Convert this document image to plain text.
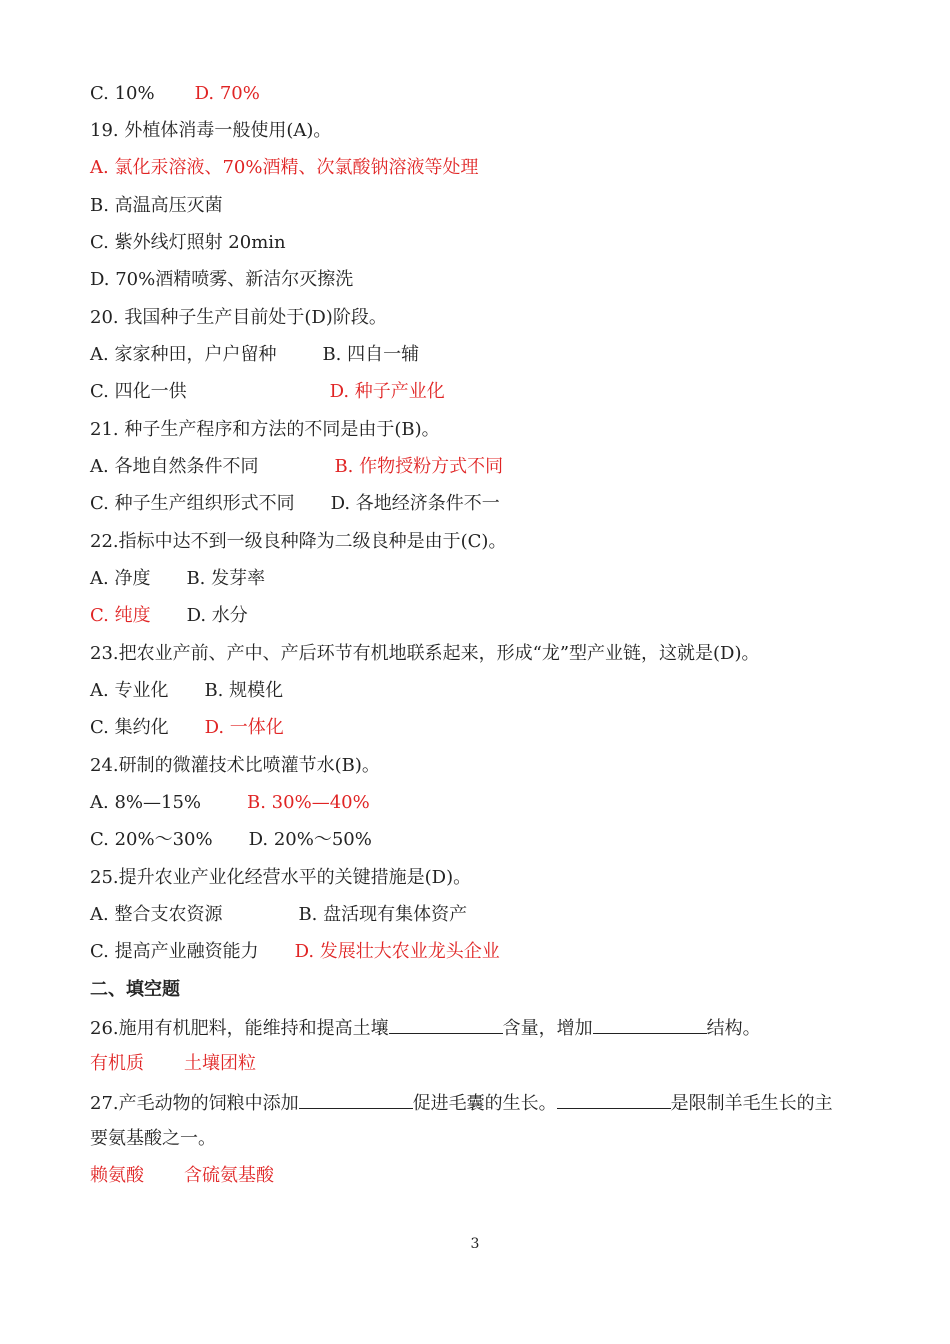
C. 10% D. 70%
19. 外植体消毒一般使用(A)。
A. 氯化汞溶液、70%酒精、次氯酸钠溶液等处理
B. 高温高压灭菌
C. 紫外线灯照射 20min
D. 70%酒精喷雾、新洁尔灭擦洗
20. 我国种子生产目前处于(D)阶段。
A. 家家种田，户户留种	B. 四自一辅
C. 四化一供	D. 种子产业化
21. 种子生产程序和方法的不同是由于(B)。
A. 各地自然条件不同	B. 作物授粉方式不同
C. 种子生产组织形式不同 D. 各地经济条件不一
22.指标中达不到一级良种降为二级良种是由于(C)。
A. 净度 B. 发芽率
C. 纯度 D. 水分
23.把农业产前、产中、产后环节有机地联系起来，形成“龙”型产业链，这就是(D)。
A. 专业化 B. 规模化
C. 集约化 D. 一体化
24.研制的微灌技术比喷灌节水(B)。
A. 8%—15%	B. 30%—40%
C. 20%～30% D. 20%～50%
25.提升农业产业化经营水平的关键措施是(D)。
A. 整合支农资源	B. 盘活现有集体资产
C. 提高产业融资能力 D. 发展壮大农业龙头企业
二、填空题
26.施用有机肥料，能维持和提高土壤	含量，增加	结构。
有机质 土壤团粒
27.产毛动物的饲粮中添加	促进毛囊的生长。	是限制羊毛生长的主
要氨基酸之一。
赖氨酸 含硫氨基酸
3
